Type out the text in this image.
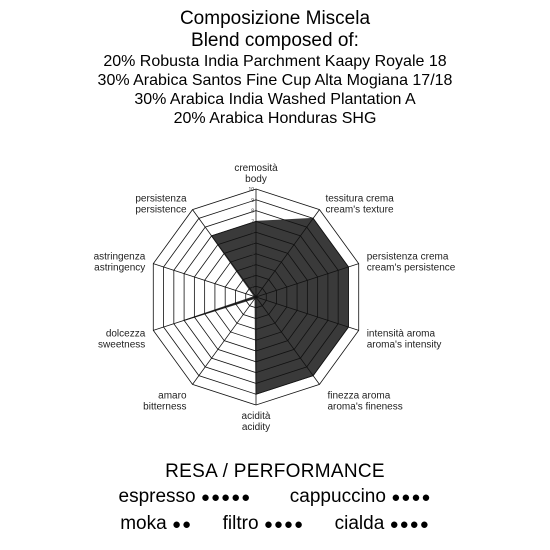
Composizione Miscela
Blend composed of:
20% Robusta India Parchment Kaapy Royale 18
30% Arabica Santos Fine Cup Alta Mogiana 17/18
30% Arabica India Washed Plantation A
20% Arabica Honduras SHG
1
2
3
4
5
6
7
8
9
10
cremosità
body
tessitura crema
cream's texture
persistenza crema
cream's persistence
intensità aroma
aroma's intensity
finezza aroma
aroma's fineness
acidità
acidity
amaro
bitterness
dolcezza
sweetness
astringenza
astringency
persistenza
persistence
RESA / PERFORMANCE
espresso ●●●●● cappuccino ●●●●
moka ●● filtro ●●●● cialda ●●●●
